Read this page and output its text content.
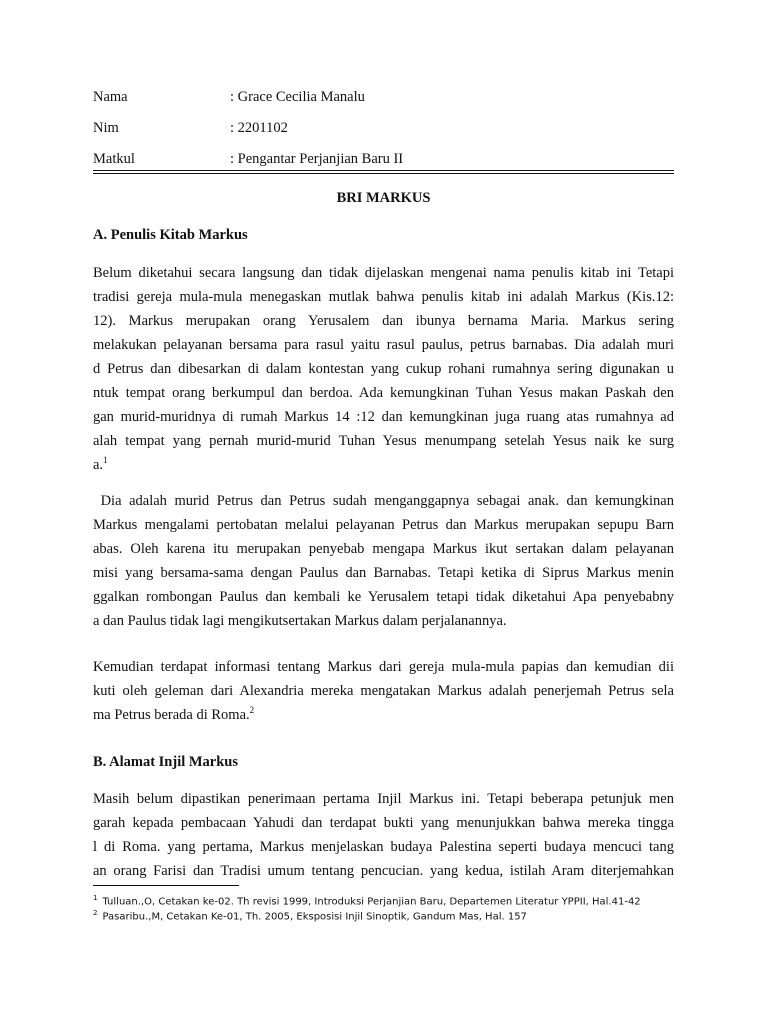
Nama	: Grace Cecilia Manalu
Nim	: 2201102
Matkul	: Pengantar Perjanjian Baru II
BRI MARKUS
A. Penulis Kitab Markus
Belum diketahui secara langsung dan tidak dijelaskan mengenai nama penulis kitab ini Tetapi
tradisi gereja mula-mula menegaskan mutlak bahwa penulis kitab ini adalah Markus (Kis.12:
12). Markus merupakan orang Yerusalem dan ibunya bernama Maria. Markus sering
melakukan pelayanan bersama para rasul yaitu rasul paulus, petrus barnabas. Dia adalah muri
d Petrus dan dibesarkan di dalam kontestan yang cukup rohani rumahnya sering digunakan u
ntuk tempat orang berkumpul dan berdoa. Ada kemungkinan Tuhan Yesus makan Paskah den
gan murid-muridnya di rumah Markus 14 :12 dan kemungkinan juga ruang atas rumahnya ad
alah tempat yang pernah murid-murid Tuhan Yesus menumpang setelah Yesus naik ke surg
a.$^1$
Dia adalah murid Petrus dan Petrus sudah menganggapnya sebagai anak. dan kemungkinan
Markus mengalami pertobatan melalui pelayanan Petrus dan Markus merupakan sepupu Barn
abas. Oleh karena itu merupakan penyebab mengapa Markus ikut sertakan dalam pelayanan
misi yang bersama-sama dengan Paulus dan Barnabas. Tetapi ketika di Siprus Markus menin
ggalkan rombongan Paulus dan kembali ke Yerusalem tetapi tidak diketahui Apa penyebabny
a dan Paulus tidak lagi mengikutsertakan Markus dalam perjalanannya.
Kemudian terdapat informasi tentang Markus dari gereja mula-mula papias dan kemudian dii
kuti oleh geleman dari Alexandria mereka mengatakan Markus adalah penerjemah Petrus sela
ma Petrus berada di Roma.$^2$
B. Alamat Injil Markus
Masih belum dipastikan penerimaan pertama Injil Markus ini. Tetapi beberapa petunjuk men
garah kepada pembacaan Yahudi dan terdapat bukti yang menunjukkan bahwa mereka tingga
l di Roma. yang pertama, Markus menjelaskan budaya Palestina seperti budaya mencuci tang
an orang Farisi dan Tradisi umum tentang pencucian. yang kedua, istilah Aram diterjemahkan
$^1$ Tulluan.,O, Cetakan ke-02. Th revisi 1999, Introduksi Perjanjian Baru, Departemen Literatur YPPII, Hal.41-42
$^2$ Pasaribu.,M, Cetakan Ke-01, Th. 2005, Eksposisi Injil Sinoptik, Gandum Mas, Hal. 157
